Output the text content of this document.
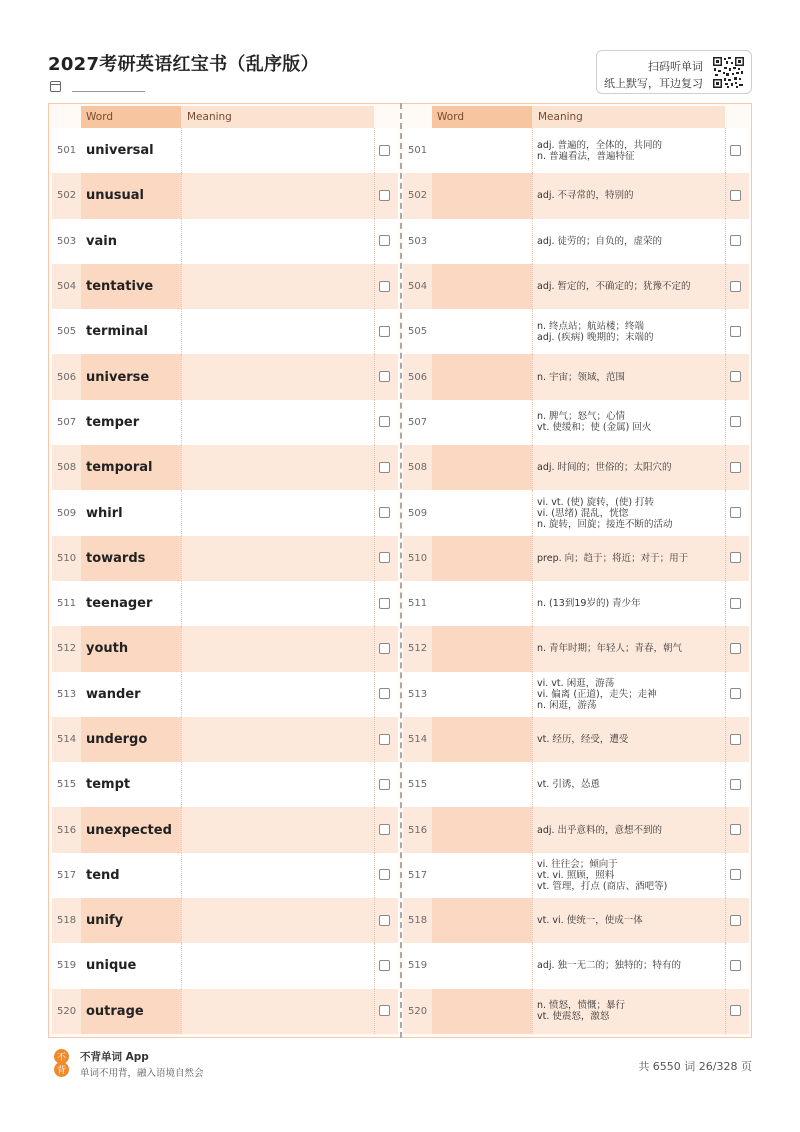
2027考研英语红宝书（乱序版）	扫码听单词
纸上默写，耳边复习
Word	Meaning
501 universal
502 unusual
503 vain
504 tentative
505 terminal
506 universe
507 temper
508 temporal
509 whirl
510 towards
511 teenager
512 youth
513 wander
514 undergo
515 tempt
516 unexpected
517 tend
518 unify
519 unique
520 outrage
Word	Meaning
501	adj. 普遍的，全体的，共同的
n. 普遍看法，普遍特征
502	adj. 不寻常的，特别的
503	adj. 徒劳的；自负的，虚荣的
504	adj. 暂定的，不确定的；犹豫不定的
505	n. 终点站；航站楼；终端
adj. (疾病) 晚期的；末端的
506	n. 宇宙；领域，范围
507	n. 脾气；怒气；心情
vt. 使缓和；使 (金属) 回火
508	adj. 时间的；世俗的；太阳穴的
509
vi. vt. (使) 旋转，(使) 打转
vi. (思绪) 混乱，恍惚
n. 旋转，回旋；接连不断的活动
510	prep. 向；趋于；将近；对于；用于
511	n. (13到19岁的) 青少年
512	n. 青年时期；年轻人；青春，朝气
513
vi. vt. 闲逛，游荡
vi. 偏离 (正道)，走失；走神
n. 闲逛，游荡
514	vt. 经历，经受，遭受
515	vt. 引诱，怂恿
516	adj. 出乎意料的，意想不到的
517
vi. 往往会；倾向于
vt. vi. 照顾，照料
vt. 管理，打点 (商店、酒吧等)
518	vt. vi. 使统一，使成一体
519	adj. 独一无二的；独特的；特有的
520	n. 愤怒，愤慨；暴行
vt. 使震怒，激怒
不
背
不背单词 App
单词不用背，融入语境自然会
共 6550 词 26/328 页
